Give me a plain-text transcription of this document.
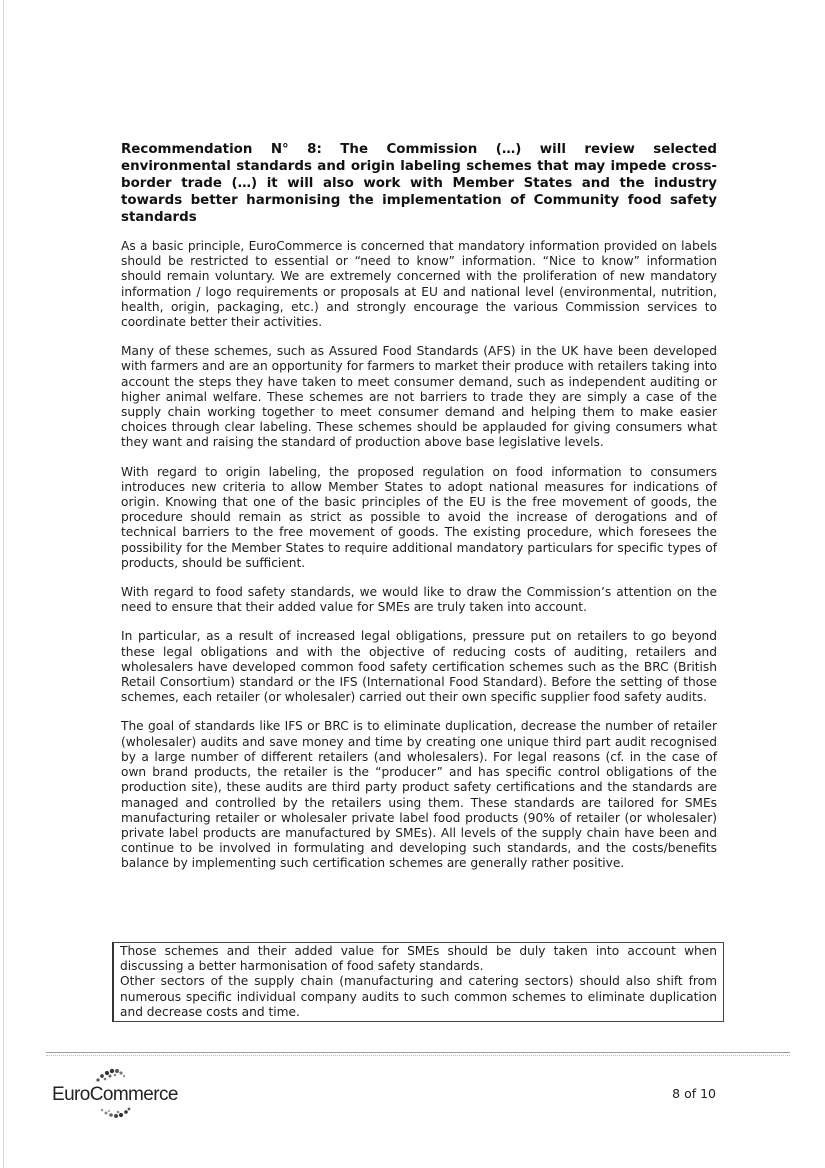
Recommendation N° 8: The Commission (…) will review selected environmental standards and origin labeling schemes that may impede cross-border trade (…) it will also work with Member States and the industry towards better harmonising the implementation of Community food safety standards

As a basic principle, EuroCommerce is concerned that mandatory information provided on labels should be restricted to essential or “need to know” information. “Nice to know” information should remain voluntary. We are extremely concerned with the proliferation of new mandatory information / logo requirements or proposals at EU and national level (environmental, nutrition, health, origin, packaging, etc.) and strongly encourage the various Commission services to coordinate better their activities.

Many of these schemes, such as Assured Food Standards (AFS) in the UK have been developed with farmers and are an opportunity for farmers to market their produce with retailers taking into account the steps they have taken to meet consumer demand, such as independent auditing or higher animal welfare. These schemes are not barriers to trade they are simply a case of the supply chain working together to meet consumer demand and helping them to make easier choices through clear labeling. These schemes should be applauded for giving consumers what they want and raising the standard of production above base legislative levels.

With regard to origin labeling, the proposed regulation on food information to consumers introduces new criteria to allow Member States to adopt national measures for indications of origin. Knowing that one of the basic principles of the EU is the free movement of goods, the procedure should remain as strict as possible to avoid the increase of derogations and of technical barriers to the free movement of goods. The existing procedure, which foresees the possibility for the Member States to require additional mandatory particulars for specific types of products, should be sufficient.

With regard to food safety standards, we would like to draw the Commission’s attention on the need to ensure that their added value for SMEs are truly taken into account.

In particular, as a result of increased legal obligations, pressure put on retailers to go beyond these legal obligations and with the objective of reducing costs of auditing, retailers and wholesalers have developed common food safety certification schemes such as the BRC (British Retail Consortium) standard or the IFS (International Food Standard). Before the setting of those schemes, each retailer (or wholesaler) carried out their own specific supplier food safety audits.

The goal of standards like IFS or BRC is to eliminate duplication, decrease the number of retailer (wholesaler) audits and save money and time by creating one unique third part audit recognised by a large number of different retailers (and wholesalers). For legal reasons (cf. in the case of own brand products, the retailer is the “producer” and has specific control obligations of the production site), these audits are third party product safety certifications and the standards are managed and controlled by the retailers using them. These standards are tailored for SMEs manufacturing retailer or wholesaler private label food products (90% of retailer (or wholesaler) private label products are manufactured by SMEs). All levels of the supply chain have been and continue to be involved in formulating and developing such standards, and the costs/benefits balance by implementing such certification schemes are generally rather positive.

Those schemes and their added value for SMEs should be duly taken into account when discussing a better harmonisation of food safety standards.

Other sectors of the supply chain (manufacturing and catering sectors) should also shift from numerous specific individual company audits to such common schemes to eliminate duplication and decrease costs and time.

EuroCommerce	8 of 10
